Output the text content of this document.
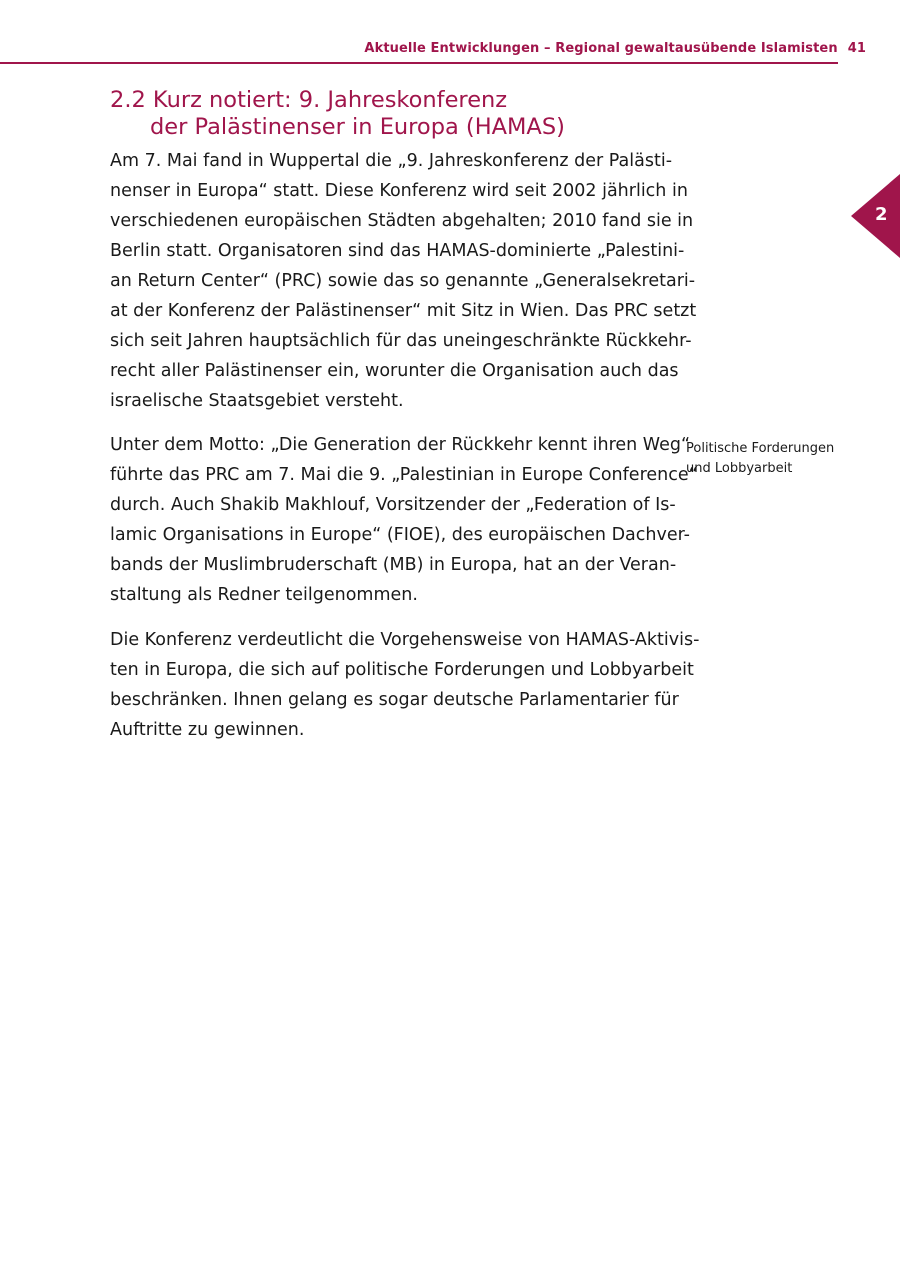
Aktuelle Entwicklungen – Regional gewaltausübende Islamisten 41
2
2.2 Kurz notiert: 9. Jahreskonferenz
der Palästinenser in Europa (HAMAS)

Am 7. Mai fand in Wuppertal die „9. Jahreskonferenz der Palästi-
nenser in Europa“ statt. Diese Konferenz wird seit 2002 jährlich in
verschiedenen europäischen Städten abgehalten; 2010 fand sie in
Berlin statt. Organisatoren sind das HAMAS-dominierte „Palestini-
an Return Center“ (PRC) sowie das so genannte „Generalsekretari-
at der Konferenz der Palästinenser“ mit Sitz in Wien. Das PRC setzt
sich seit Jahren hauptsächlich für das uneingeschränkte Rückkehr-
recht aller Palästinenser ein, worunter die Organisation auch das
israelische Staatsgebiet versteht.

Unter dem Motto: „Die Generation der Rückkehr kennt ihren Weg“
führte das PRC am 7. Mai die 9. „Palestinian in Europe Conference“
durch. Auch Shakib Makhlouf, Vorsitzender der „Federation of Is-
lamic Organisations in Europe“ (FIOE), des europäischen Dachver-
bands der Muslimbruderschaft (MB) in Europa, hat an der Veran-
staltung als Redner teilgenommen.

Die Konferenz verdeutlicht die Vorgehensweise von HAMAS-Aktivis-
ten in Europa, die sich auf politische Forderungen und Lobbyarbeit
beschränken. Ihnen gelang es sogar deutsche Parlamentarier für
Auftritte zu gewinnen.

Politische Forderungen
und Lobbyarbeit
